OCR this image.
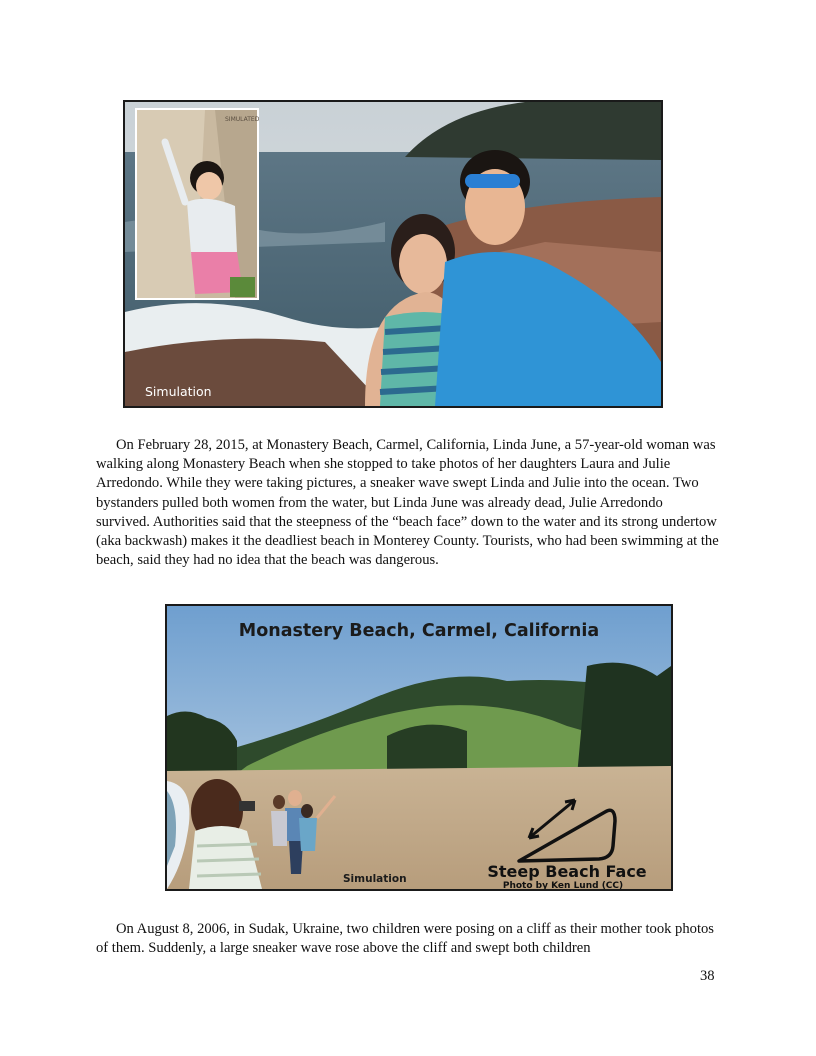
SIMULATED
Simulation

On February 28, 2015, at Monastery Beach, Carmel, California, Linda June, a 57-year-old woman was walking along Monastery Beach when she stopped to take photos of her daughters Laura and Julie Arredondo. While they were taking pictures, a sneaker wave swept Linda and Julie into the ocean. Two bystanders pulled both women from the water, but Linda June was already dead, Julie Arredondo survived. Authorities said that the steepness of the “beach face” down to the water and its strong undertow (aka backwash) makes it the deadliest beach in Monterey County. Tourists, who had been swimming at the beach, said they had no idea that the beach was dangerous.

Monastery Beach, Carmel, California
Simulation	Steep Beach Face
Photo by Ken Lund (CC)

On August 8, 2006, in Sudak, Ukraine, two children were posing on a cliff as their mother took photos of them. Suddenly, a large sneaker wave rose above the cliff and swept both children

38
